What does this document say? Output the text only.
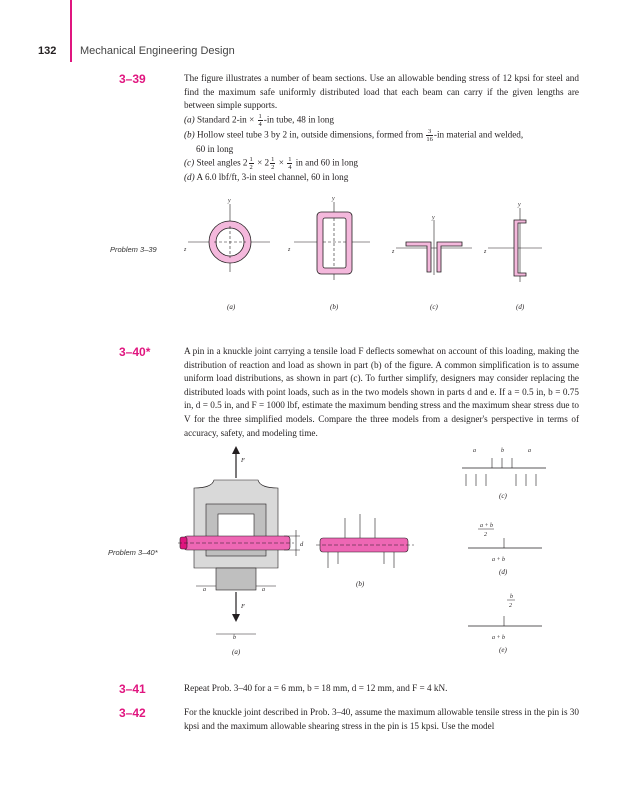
132 Mechanical Engineering Design
3–39	The figure illustrates a number of beam sections. Use an allowable bending stress of 12 kpsi for steel and find the maximum safe uniformly distributed load that each beam can carry if the given lengths are between simple supports.

(a) Standard $2-in \times \frac{1}{4} -in$ tube, 48 in long

(b) Hollow steel tube 3 by 2 in, outside dimensions, formed from $\frac{3}{16} -in$ material and welded,

60 in long

(c) Steel angles $2 \frac{1}{2} \times 2 \frac{1}{2} \times \frac{1}{4}$ in and 60 in long

(d) A 6.0 lbf/ft, 3-in steel channel, 60 in long

Problem 3–39
y
z
y
z
y
z
y
z
(a)	(b)	(c)	(d)
3–40*	A pin in a knuckle joint carrying a tensile load F deflects somewhat on account of this loading, making the distribution of reaction and load as shown in part (b) of the figure. A common simplification is to assume uniform load distributions, as shown in part (c). To further simplify, designers may consider replacing the distributed loads with point loads, such as in the two models shown in parts d and e. If a = 0.5 in, b = 0.75 in, d = 0.5 in, and F = 1000 lbf, estimate the maximum bending stress and the maximum shear stress due to V for the three simplified models. Compare the three models from a designer's perspective in terms of accuracy, safety, and modeling time.
Problem 3–40*
F
d
F
a	a
b
(a)
(b)
a	b	a
(c)
a + b
2
a + b
(d)
b
2
a + b
(e)
3–41	Repeat Prob. 3–40 for a = 6 mm, b = 18 mm, d = 12 mm, and F = 4 kN.
3–42	For the knuckle joint described in Prob. 3–40, assume the maximum allowable tensile stress in the pin is 30 kpsi and the maximum allowable shearing stress in the pin is 15 kpsi. Use the model
